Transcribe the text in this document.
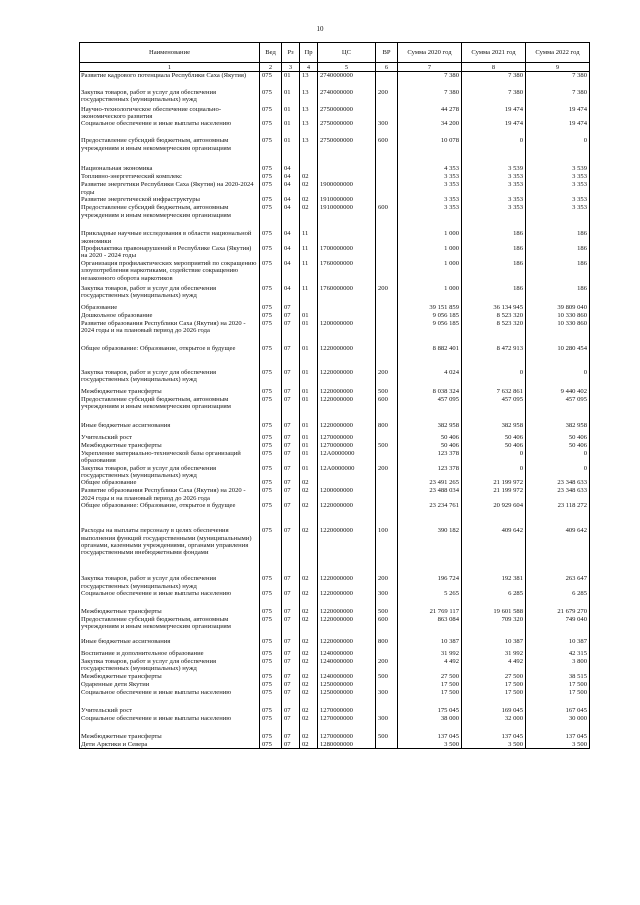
10
Наименование	Вед	Рз	Пр	ЦС	ВР	Сумма 2020 год	Сумма 2021 год	Сумма 2022 год
1	2	3	4	5	6	7	8	9
Развитие кадрового потенциала Республики Саха (Якутия)	075	01	13	2740000000		7 380	7 380	7 380
Закупка товаров, работ и услуг для обеспечения государственных (муниципальных) нужд	075	01	13	2740000000	200	7 380	7 380	7 380
Научно-технологическое обеспечение социально-экономического развития	075	01	13	2750000000		44 278	19 474	19 474
Социальное обеспечение и иные выплаты населению	075	01	13	2750000000	300	34 200	19 474	19 474
Предоставление субсидий бюджетным, автономным учреждениям и иным некоммерческим организациям	075	01	13	2750000000	600	10 078	0	0
Национальная экономика	075	04				4 353	3 539	3 539
Топливно-энергетический комплекс	075	04	02			3 353	3 353	3 353
Развитие энергетики Республики Саха (Якутия) на 2020-2024 годы	075	04	02	1900000000		3 353	3 353	3 353
Развитие энергетической инфраструктуры	075	04	02	1910000000		3 353	3 353	3 353
Предоставление субсидий бюджетным, автономным учреждениям и иным некоммерческим организациям	075	04	02	1910000000	600	3 353	3 353	3 353
Прикладные научные исследования в области национальной экономики	075	04	11			1 000	186	186
Профилактика правонарушений в Республике Саха (Якутия) на 2020 - 2024 годы	075	04	11	1700000000		1 000	186	186
Организация профилактических мероприятий по сокращению злоупотребления наркотиками, содействие сокращению незаконного оборота наркотиков	075	04	11	1760000000		1 000	186	186
Закупка товаров, работ и услуг для обеспечения государственных (муниципальных) нужд	075	04	11	1760000000	200	1 000	186	186
Образование	075	07				39 151 859	36 134 945	39 809 040
Дошкольное образование	075	07	01			9 056 185	8 523 320	10 330 860
Развитие образования Республики Саха (Якутия) на 2020 - 2024 годы и на плановый период до 2026 года	075	07	01	1200000000		9 056 185	8 523 320	10 330 860
Общее образование: Образование, открытое в будущее	075	07	01	1220000000		8 882 401	8 472 913	10 280 454
Закупка товаров, работ и услуг для обеспечения государственных (муниципальных) нужд	075	07	01	1220000000	200	4 024	0	0
Межбюджетные трансферты	075	07	01	1220000000	500	8 038 324	7 632 861	9 440 402
Предоставление субсидий бюджетным, автономным учреждениям и иным некоммерческим организациям	075	07	01	1220000000	600	457 095	457 095	457 095
Иные бюджетные ассигнования	075	07	01	1220000000	800	382 958	382 958	382 958
Учительский рост	075	07	01	1270000000		50 406	50 406	50 406
Межбюджетные трансферты	075	07	01	1270000000	500	50 406	50 406	50 406
Укрепление материально-технической базы организаций образования	075	07	01	12A0000000		123 378	0	0
Закупка товаров, работ и услуг для обеспечения государственных (муниципальных) нужд	075	07	01	12A0000000	200	123 378	0	0
Общее образование	075	07	02			23 491 265	21 199 972	23 348 633
Развитие образования Республики Саха (Якутия) на 2020 - 2024 годы и на плановый период до 2026 года	075	07	02	1200000000		23 488 034	21 199 972	23 348 633
Общее образование: Образование, открытое в будущее	075	07	02	1220000000		23 234 761	20 929 604	23 118 272
Расходы на выплаты персоналу в целях обеспечения выполнения функций государственными (муниципальными) органами, казенными учреждениями, органами управления государственными внебюджетными фондами	075	07	02	1220000000	100	390 182	409 642	409 642
Закупка товаров, работ и услуг для обеспечения государственных (муниципальных) нужд	075	07	02	1220000000	200	196 724	192 381	263 647
Социальное обеспечение и иные выплаты населению	075	07	02	1220000000	300	5 265	6 285	6 285
Межбюджетные трансферты	075	07	02	1220000000	500	21 769 117	19 601 588	21 679 270
Предоставление субсидий бюджетным, автономным учреждениям и иным некоммерческим организациям	075	07	02	1220000000	600	863 084	709 320	749 040
Иные бюджетные ассигнования	075	07	02	1220000000	800	10 387	10 387	10 387
Воспитание и дополнительное образование	075	07	02	1240000000		31 992	31 992	42 315
Закупка товаров, работ и услуг для обеспечения государственных (муниципальных) нужд	075	07	02	1240000000	200	4 492	4 492	3 800
Межбюджетные трансферты	075	07	02	1240000000	500	27 500	27 500	38 515
Одаренные дети Якутии	075	07	02	1250000000		17 500	17 500	17 500
Социальное обеспечение и иные выплаты населению	075	07	02	1250000000	300	17 500	17 500	17 500
Учительский рост	075	07	02	1270000000		175 045	169 045	167 045
Социальное обеспечение и иные выплаты населению	075	07	02	1270000000	300	38 000	32 000	30 000
Межбюджетные трансферты	075	07	02	1270000000	500	137 045	137 045	137 045
Дети Арктики и Севера	075	07	02	1280000000		3 500	3 500	3 500
